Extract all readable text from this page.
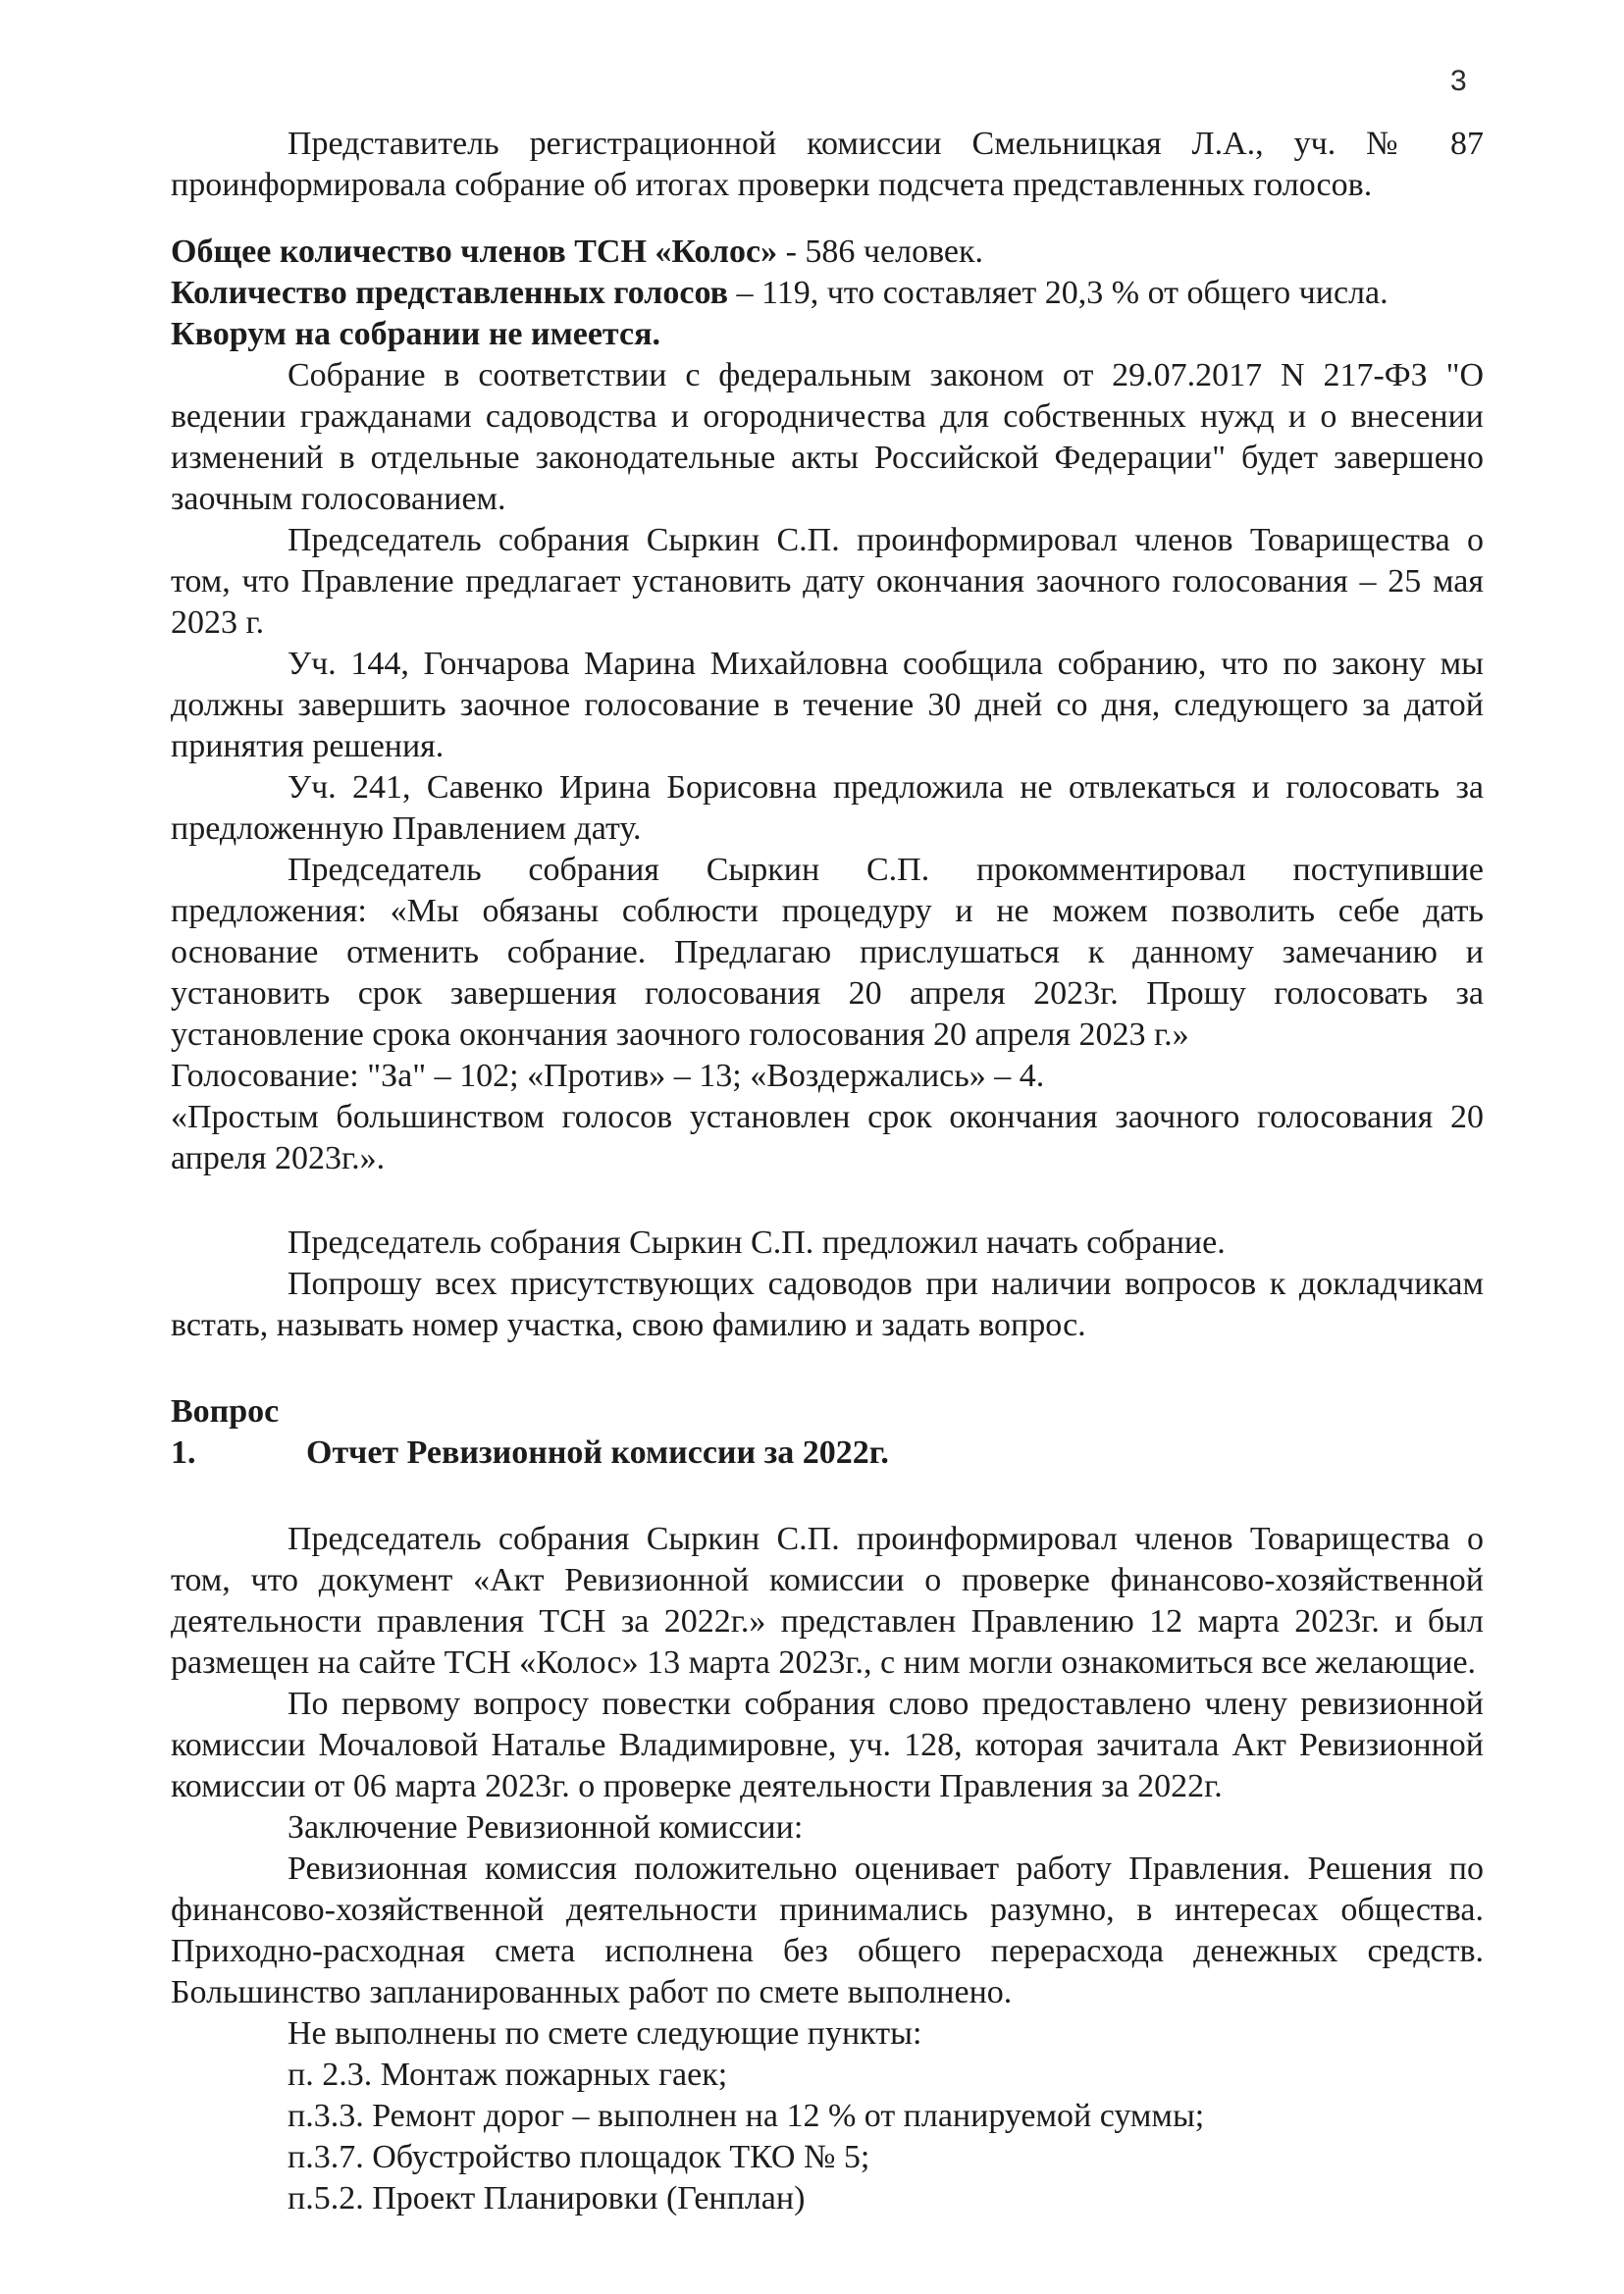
3

Представитель регистрационной комиссии Смельницкая Л.А., уч. № 87 проинформировала собрание об итогах проверки подсчета представленных голосов.

Общее количество членов ТСН «Колос» - 586 человек.

Количество представленных голосов – 119, что составляет 20,3 % от общего числа.

Кворум на собрании не имеется.

Собрание в соответствии с федеральным законом от 29.07.2017 N 217-ФЗ "О ведении гражданами садоводства и огородничества для собственных нужд и о внесении изменений в отдельные законодательные акты Российской Федерации" будет завершено заочным голосованием.

Председатель собрания Сыркин С.П. проинформировал членов Товарищества о том, что Правление предлагает установить дату окончания заочного голосования – 25 мая 2023 г.

Уч. 144, Гончарова Марина Михайловна сообщила собранию, что по закону мы должны завершить заочное голосование в течение 30 дней со дня, следующего за датой принятия решения.

Уч. 241, Савенко Ирина Борисовна предложила не отвлекаться и голосовать за предложенную Правлением дату.

Председатель собрания Сыркин С.П. прокомментировал поступившие предложения: «Мы обязаны соблюсти процедуру и не можем позволить себе дать основание отменить собрание. Предлагаю прислушаться к данному замечанию и установить срок завершения голосования 20 апреля 2023г. Прошу голосовать за установление срока окончания заочного голосования 20 апреля 2023 г.»

Голосование: "За" – 102; «Против» – 13; «Воздержались» – 4.

«Простым большинством голосов установлен срок окончания заочного голосования 20 апреля 2023г.».

Председатель собрания Сыркин С.П. предложил начать собрание.

Попрошу всех присутствующих садоводов при наличии вопросов к докладчикам встать, называть номер участка, свою фамилию и задать вопрос.

Вопрос 1.	Отчет Ревизионной комиссии за 2022г.

Председатель собрания Сыркин С.П. проинформировал членов Товарищества о том, что документ «Акт Ревизионной комиссии о проверке финансово-хозяйственной деятельности правления ТСН за 2022г.» представлен Правлению 12 марта 2023г. и был размещен на сайте ТСН «Колос» 13 марта 2023г., с ним могли ознакомиться все желающие.

По первому вопросу повестки собрания слово предоставлено члену ревизионной комиссии Мочаловой Наталье Владимировне, уч. 128, которая зачитала Акт Ревизионной комиссии от 06 марта 2023г. о проверке деятельности Правления за 2022г.

Заключение Ревизионной комиссии:

Ревизионная комиссия положительно оценивает работу Правления. Решения по финансово-хозяйственной деятельности принимались разумно, в интересах общества. Приходно-расходная смета исполнена без общего перерасхода денежных средств. Большинство запланированных работ по смете выполнено.

Не выполнены по смете следующие пункты:

п. 2.3. Монтаж пожарных гаек;

п.3.3. Ремонт дорог – выполнен на 12 % от планируемой суммы;

п.3.7. Обустройство площадок ТКО № 5;

п.5.2. Проект Планировки (Генплан)
